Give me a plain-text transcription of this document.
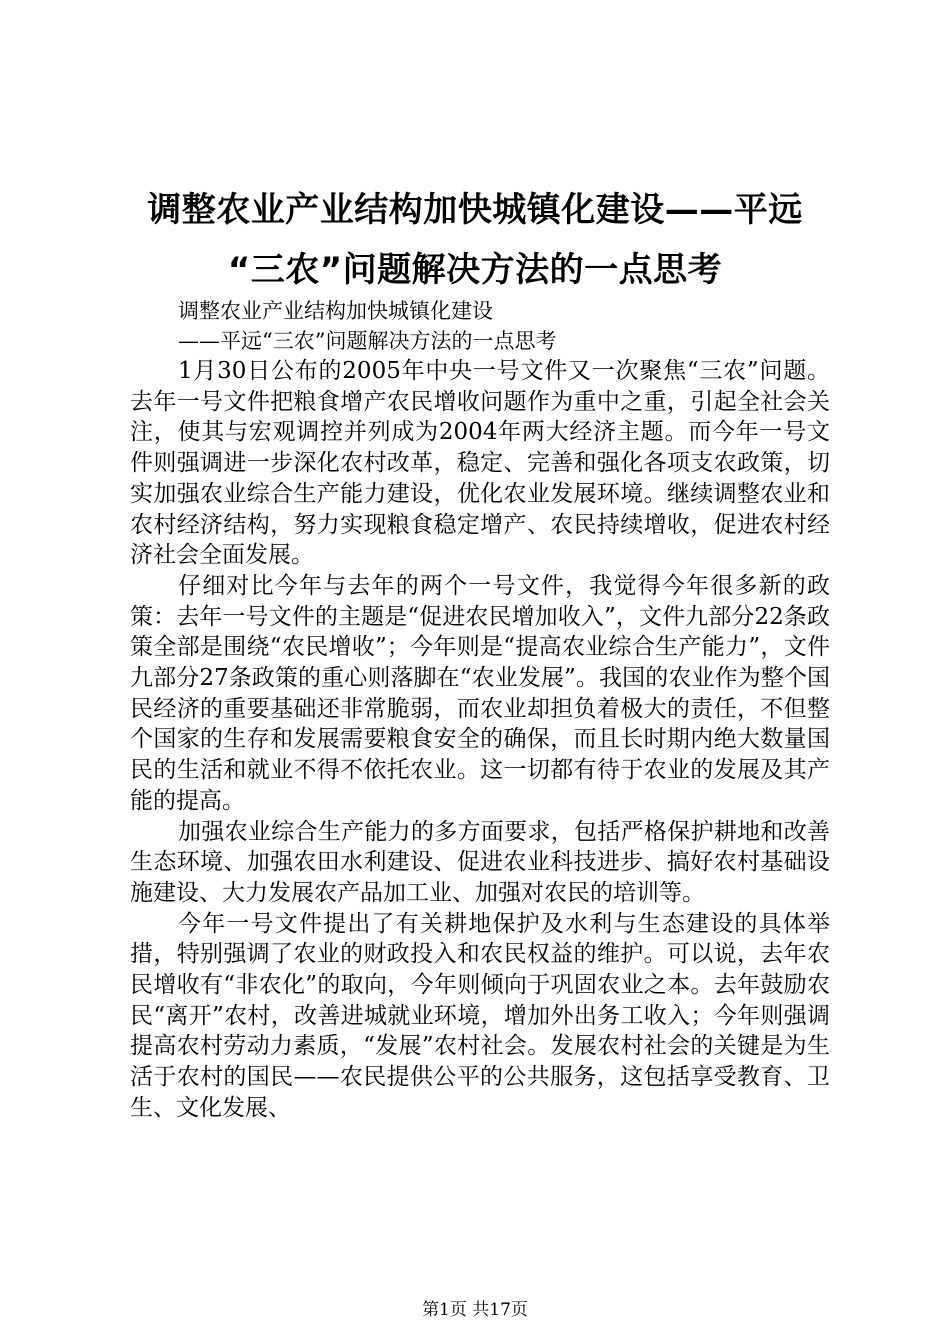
调整农业产业结构加快城镇化建设——平远
“三农”问题解决方法的一点思考

调整农业产业结构加快城镇化建设

——平远“三农”问题解决方法的一点思考

1月30日公布的2005年中央一号文件又一次聚焦“三农”问题。去年一号文件把粮食增产农民增收问题作为重中之重，引起全社会关注，使其与宏观调控并列成为2004年两大经济主题。而今年一号文件则强调进一步深化农村改革，稳定、完善和强化各项支农政策，切实加强农业综合生产能力建设，优化农业发展环境。继续调整农业和农村经济结构，努力实现粮食稳定增产、农民持续增收，促进农村经济社会全面发展。

仔细对比今年与去年的两个一号文件，我觉得今年很多新的政策：去年一号文件的主题是“促进农民增加收入”，文件九部分22条政策全部是围绕“农民增收”；今年则是“提高农业综合生产能力”，文件九部分27条政策的重心则落脚在“农业发展”。我国的农业作为整个国民经济的重要基础还非常脆弱，而农业却担负着极大的责任，不但整个国家的生存和发展需要粮食安全的确保，而且长时期内绝大数量国民的生活和就业不得不依托农业。这一切都有待于农业的发展及其产能的提高。

加强农业综合生产能力的多方面要求，包括严格保护耕地和改善生态环境、加强农田水利建设、促进农业科技进步、搞好农村基础设施建设、大力发展农产品加工业、加强对农民的培训等。

今年一号文件提出了有关耕地保护及水利与生态建设的具体举措，特别强调了农业的财政投入和农民权益的维护。可以说，去年农民增收有“非农化”的取向，今年则倾向于巩固农业之本。去年鼓励农民“离开”农村，改善进城就业环境，增加外出务工收入；今年则强调提高农村劳动力素质，“发展”农村社会。发展农村社会的关键是为生活于农村的国民——农民提供公平的公共服务，这包括享受教育、卫生、文化发展、

第1页 共17页
